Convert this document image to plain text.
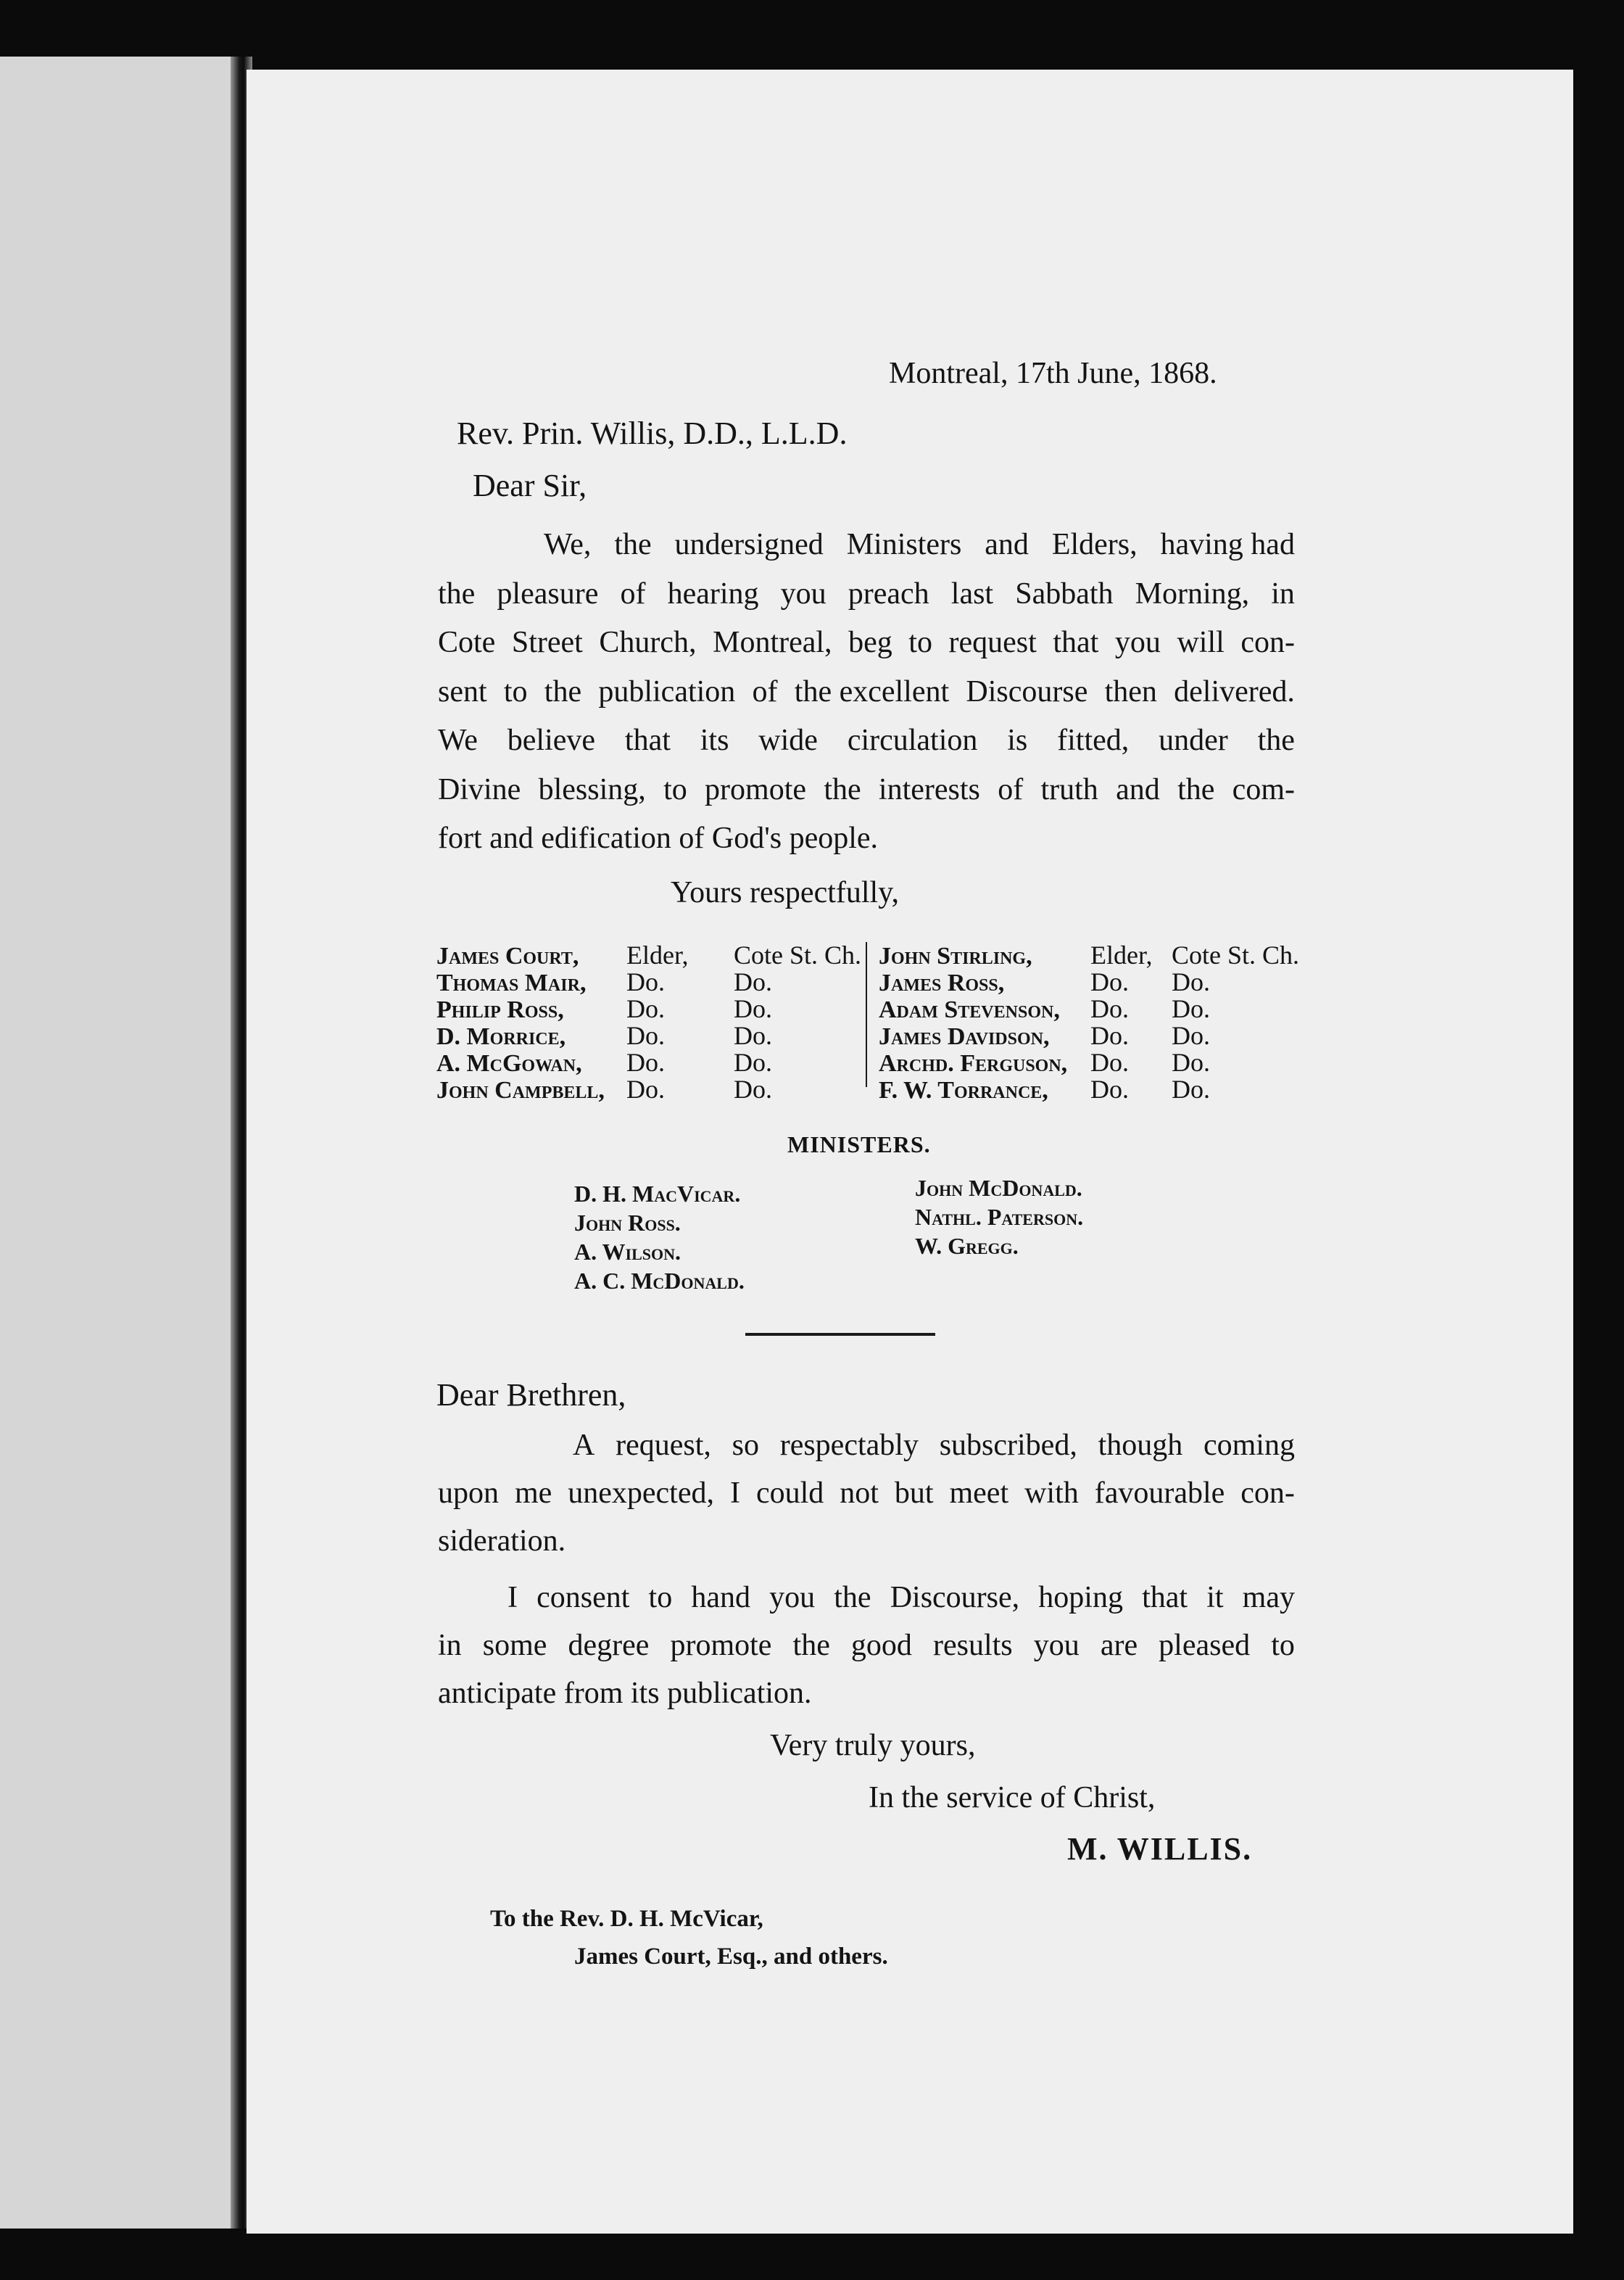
Montreal, 17th June, 1868.
Rev. Prin. Willis, D.D., L.L.D.
Dear Sir,
We, the undersigned Ministers and Elders, having had
the pleasure of hearing you preach last Sabbath Morning, in
Cote Street Church, Montreal, beg to request that you will con-
sent to the publication of the excellent Discourse then delivered.
We believe that its wide circulation is fitted, under the
Divine blessing, to promote the interests of truth and the com-
fort and edification of God's people.
Yours respectfully,
James Court, Elder, Cote St. Ch.
Thomas Mair, Do.	Do.
Philip Ross, Do.	Do.
D. Morrice, Do.	Do.
A. McGowan, Do.	Do.
John Campbell, Do.	Do.
John Stirling, Elder, Cote St. Ch.
James Ross,	Do. Do.
Adam Stevenson, Do. Do.
James Davidson, Do. Do.
Archd. Ferguson, Do. Do.
F. W. Torrance, Do. Do.
MINISTERS.
D. H. MacVicar.
John Ross.
A. Wilson.
A. C. McDonald.
John McDonald.
Nathl. Paterson.
W. Gregg.
Dear Brethren,
A request, so respectably subscribed, though coming
upon me unexpected, I could not but meet with favourable con-
sideration.
I consent to hand you the Discourse, hoping that it may
in some degree promote the good results you are pleased to
anticipate from its publication.
Very truly yours,
In the service of Christ,
M. WILLIS.
To the Rev. D. H. McVicar,
James Court, Esq., and others.
